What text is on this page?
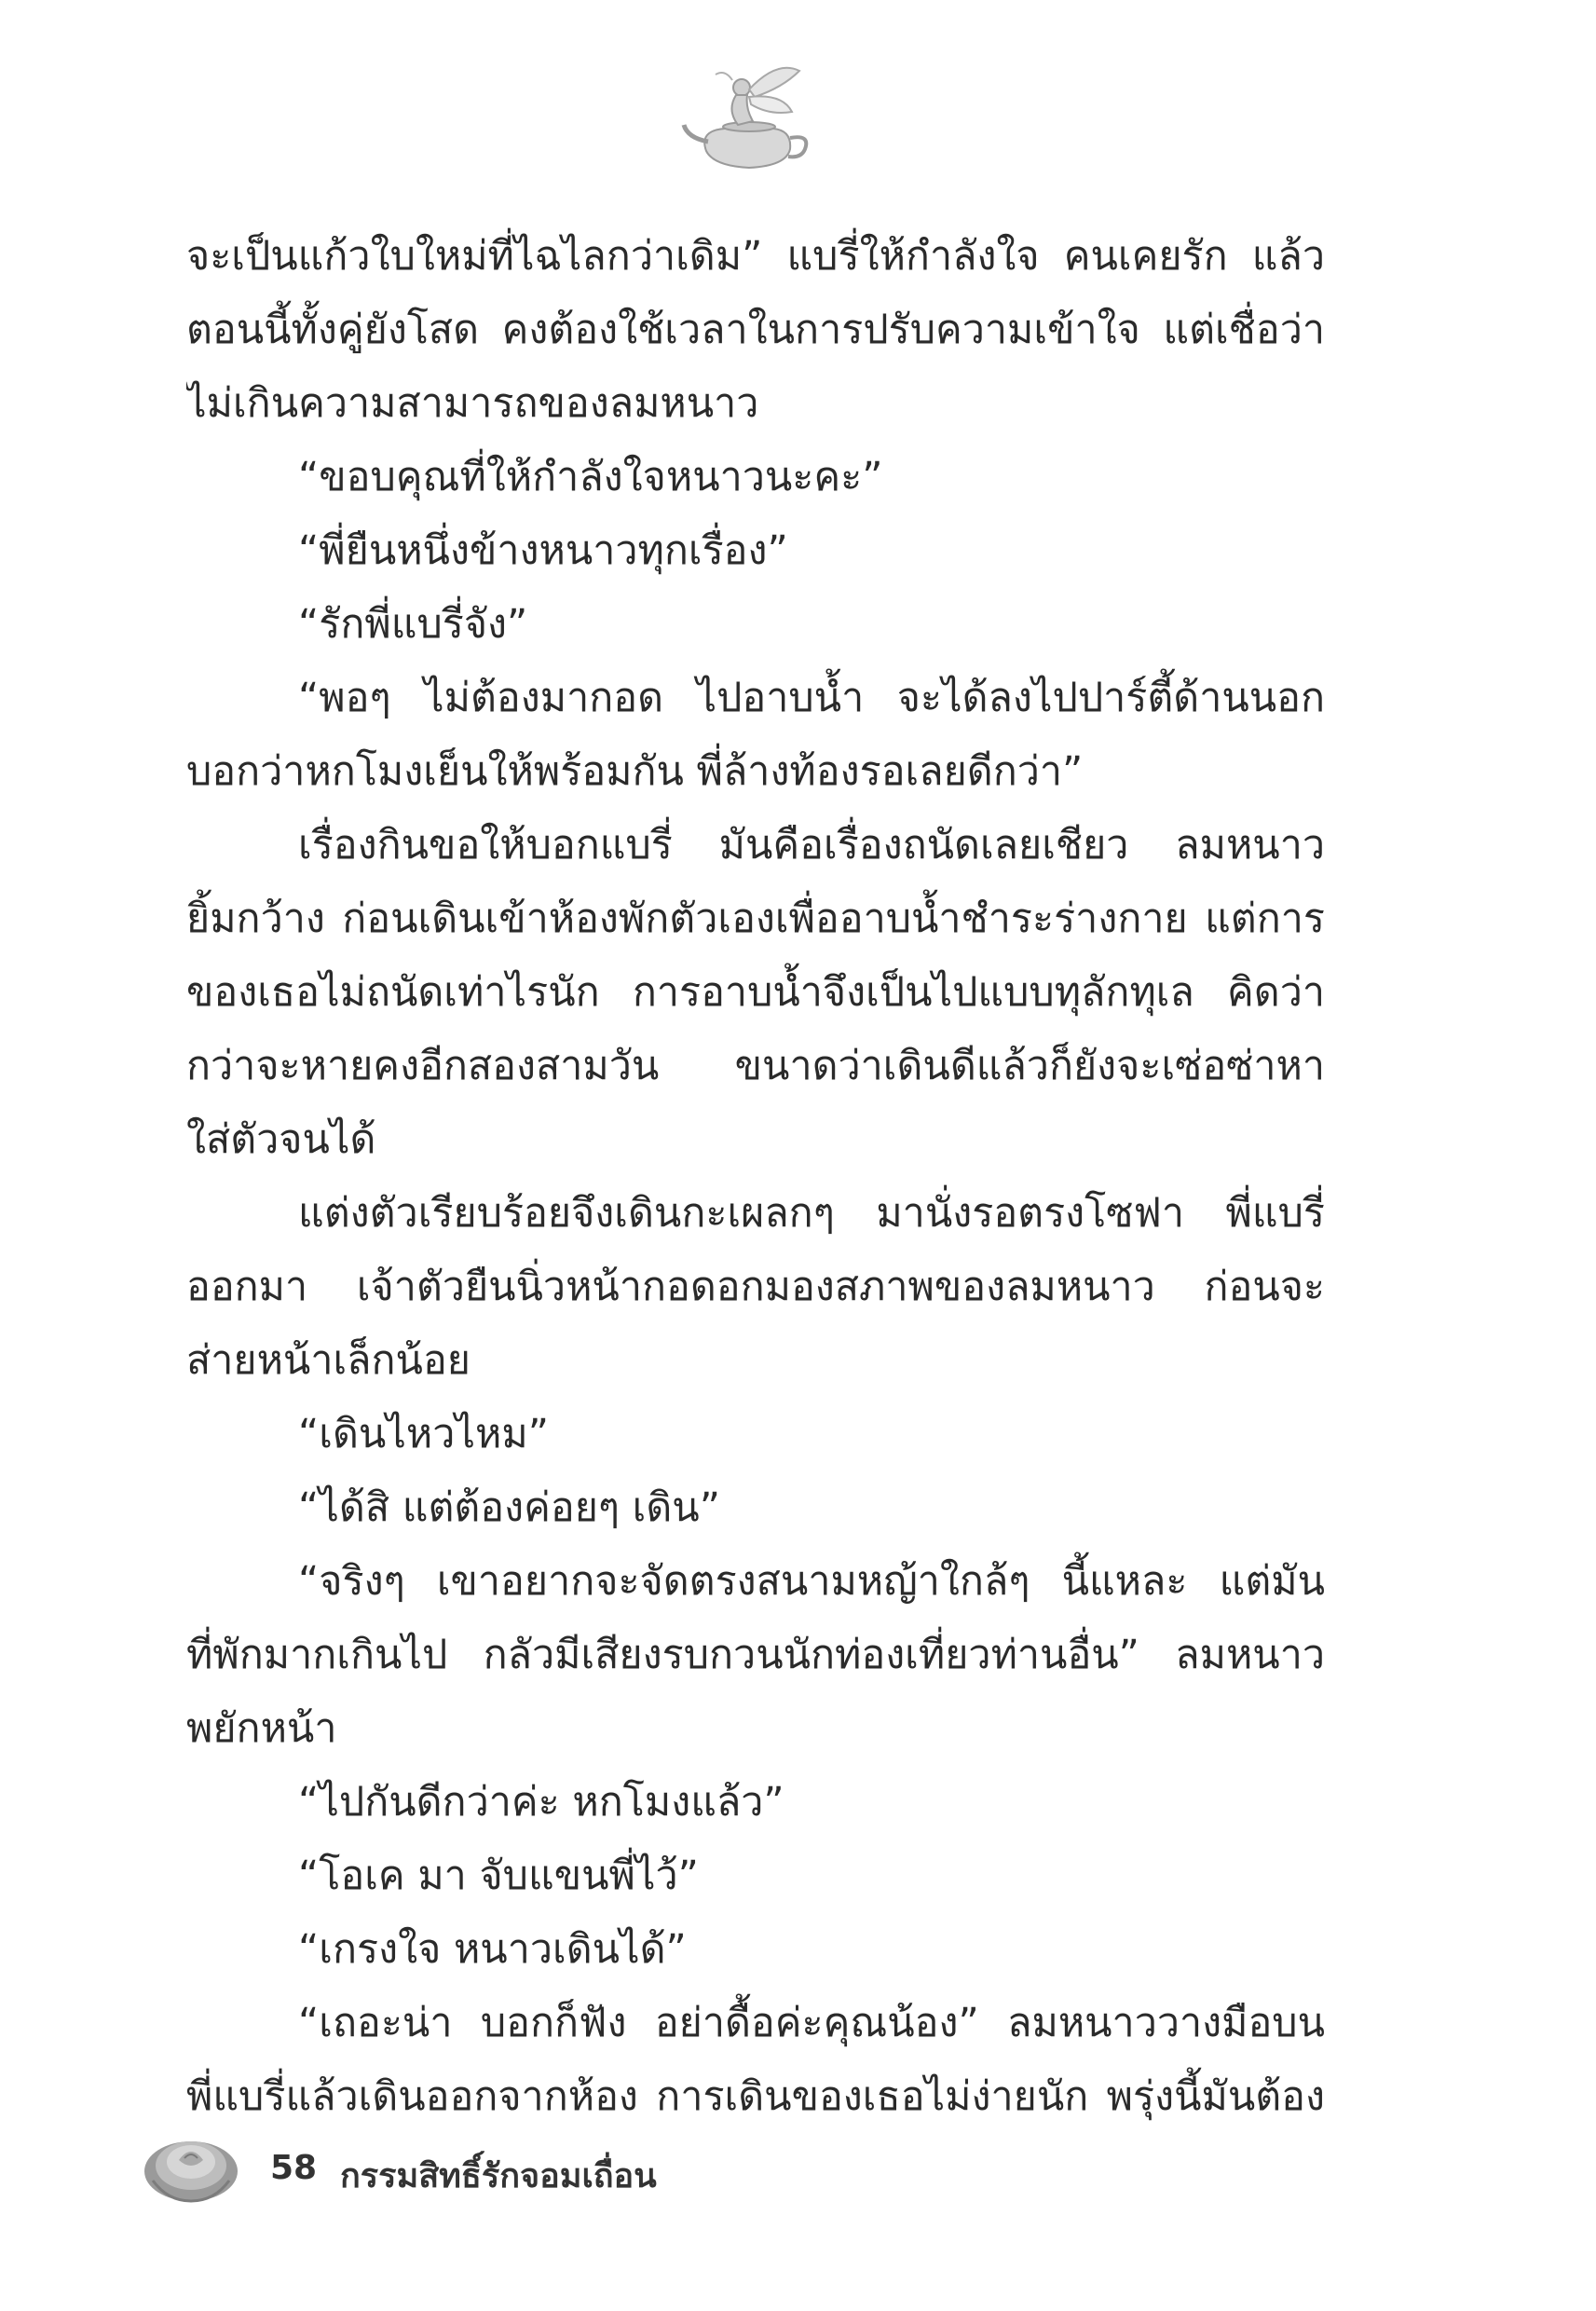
จะเป็นแก้วใบใหม่ที่ไฉไลกว่าเดิม” แบรี่ให้กำลังใจ คนเคยรัก แล้ว
ตอนนี้ทั้งคู่ยังโสด คงต้องใช้เวลาในการปรับความเข้าใจ แต่เชื่อว่า
ไม่เกินความสามารถของลมหนาว
“ขอบคุณที่ให้กำลังใจหนาวนะคะ”
“พี่ยืนหนึ่งข้างหนาวทุกเรื่อง”
“รักพี่แบรี่จัง”
“พอๆ ไม่ต้องมากอด ไปอาบน้ำ จะได้ลงไปปาร์ตี้ด้านนอก
บอกว่าหกโมงเย็นให้พร้อมกัน พี่ล้างท้องรอเลยดีกว่า”
เรื่องกินขอให้บอกแบรี่ มันคือเรื่องถนัดเลยเชียว ลมหนาว
ยิ้มกว้าง ก่อนเดินเข้าห้องพักตัวเองเพื่ออาบน้ำชำระร่างกาย แต่การ
ของเธอไม่ถนัดเท่าไรนัก การอาบน้ำจึงเป็นไปแบบทุลักทุเล คิดว่า
กว่าจะหายคงอีกสองสามวัน ขนาดว่าเดินดีแล้วก็ยังจะเซ่อซ่าหา
ใส่ตัวจนได้
แต่งตัวเรียบร้อยจึงเดินกะเผลกๆ มานั่งรอตรงโซฟา พี่แบรี่
ออกมา เจ้าตัวยืนนิ่วหน้ากอดอกมองสภาพของลมหนาว ก่อนจะ
ส่ายหน้าเล็กน้อย
“เดินไหวไหม”
“ได้สิ แต่ต้องค่อยๆ เดิน”
“จริงๆ เขาอยากจะจัดตรงสนามหญ้าใกล้ๆ นี้แหละ แต่มัน
ที่พักมากเกินไป กลัวมีเสียงรบกวนนักท่องเที่ยวท่านอื่น” ลมหนาว
พยักหน้า
“ไปกันดีกว่าค่ะ หกโมงแล้ว”
“โอเค มา จับแขนพี่ไว้”
“เกรงใจ หนาวเดินได้”
“เถอะน่า บอกก็ฟัง อย่าดื้อค่ะคุณน้อง” ลมหนาววางมือบน
พี่แบรี่แล้วเดินออกจากห้อง การเดินของเธอไม่ง่ายนัก พรุ่งนี้มันต้อง
58 กรรมสิทธิ์รักจอมเถื่อน
